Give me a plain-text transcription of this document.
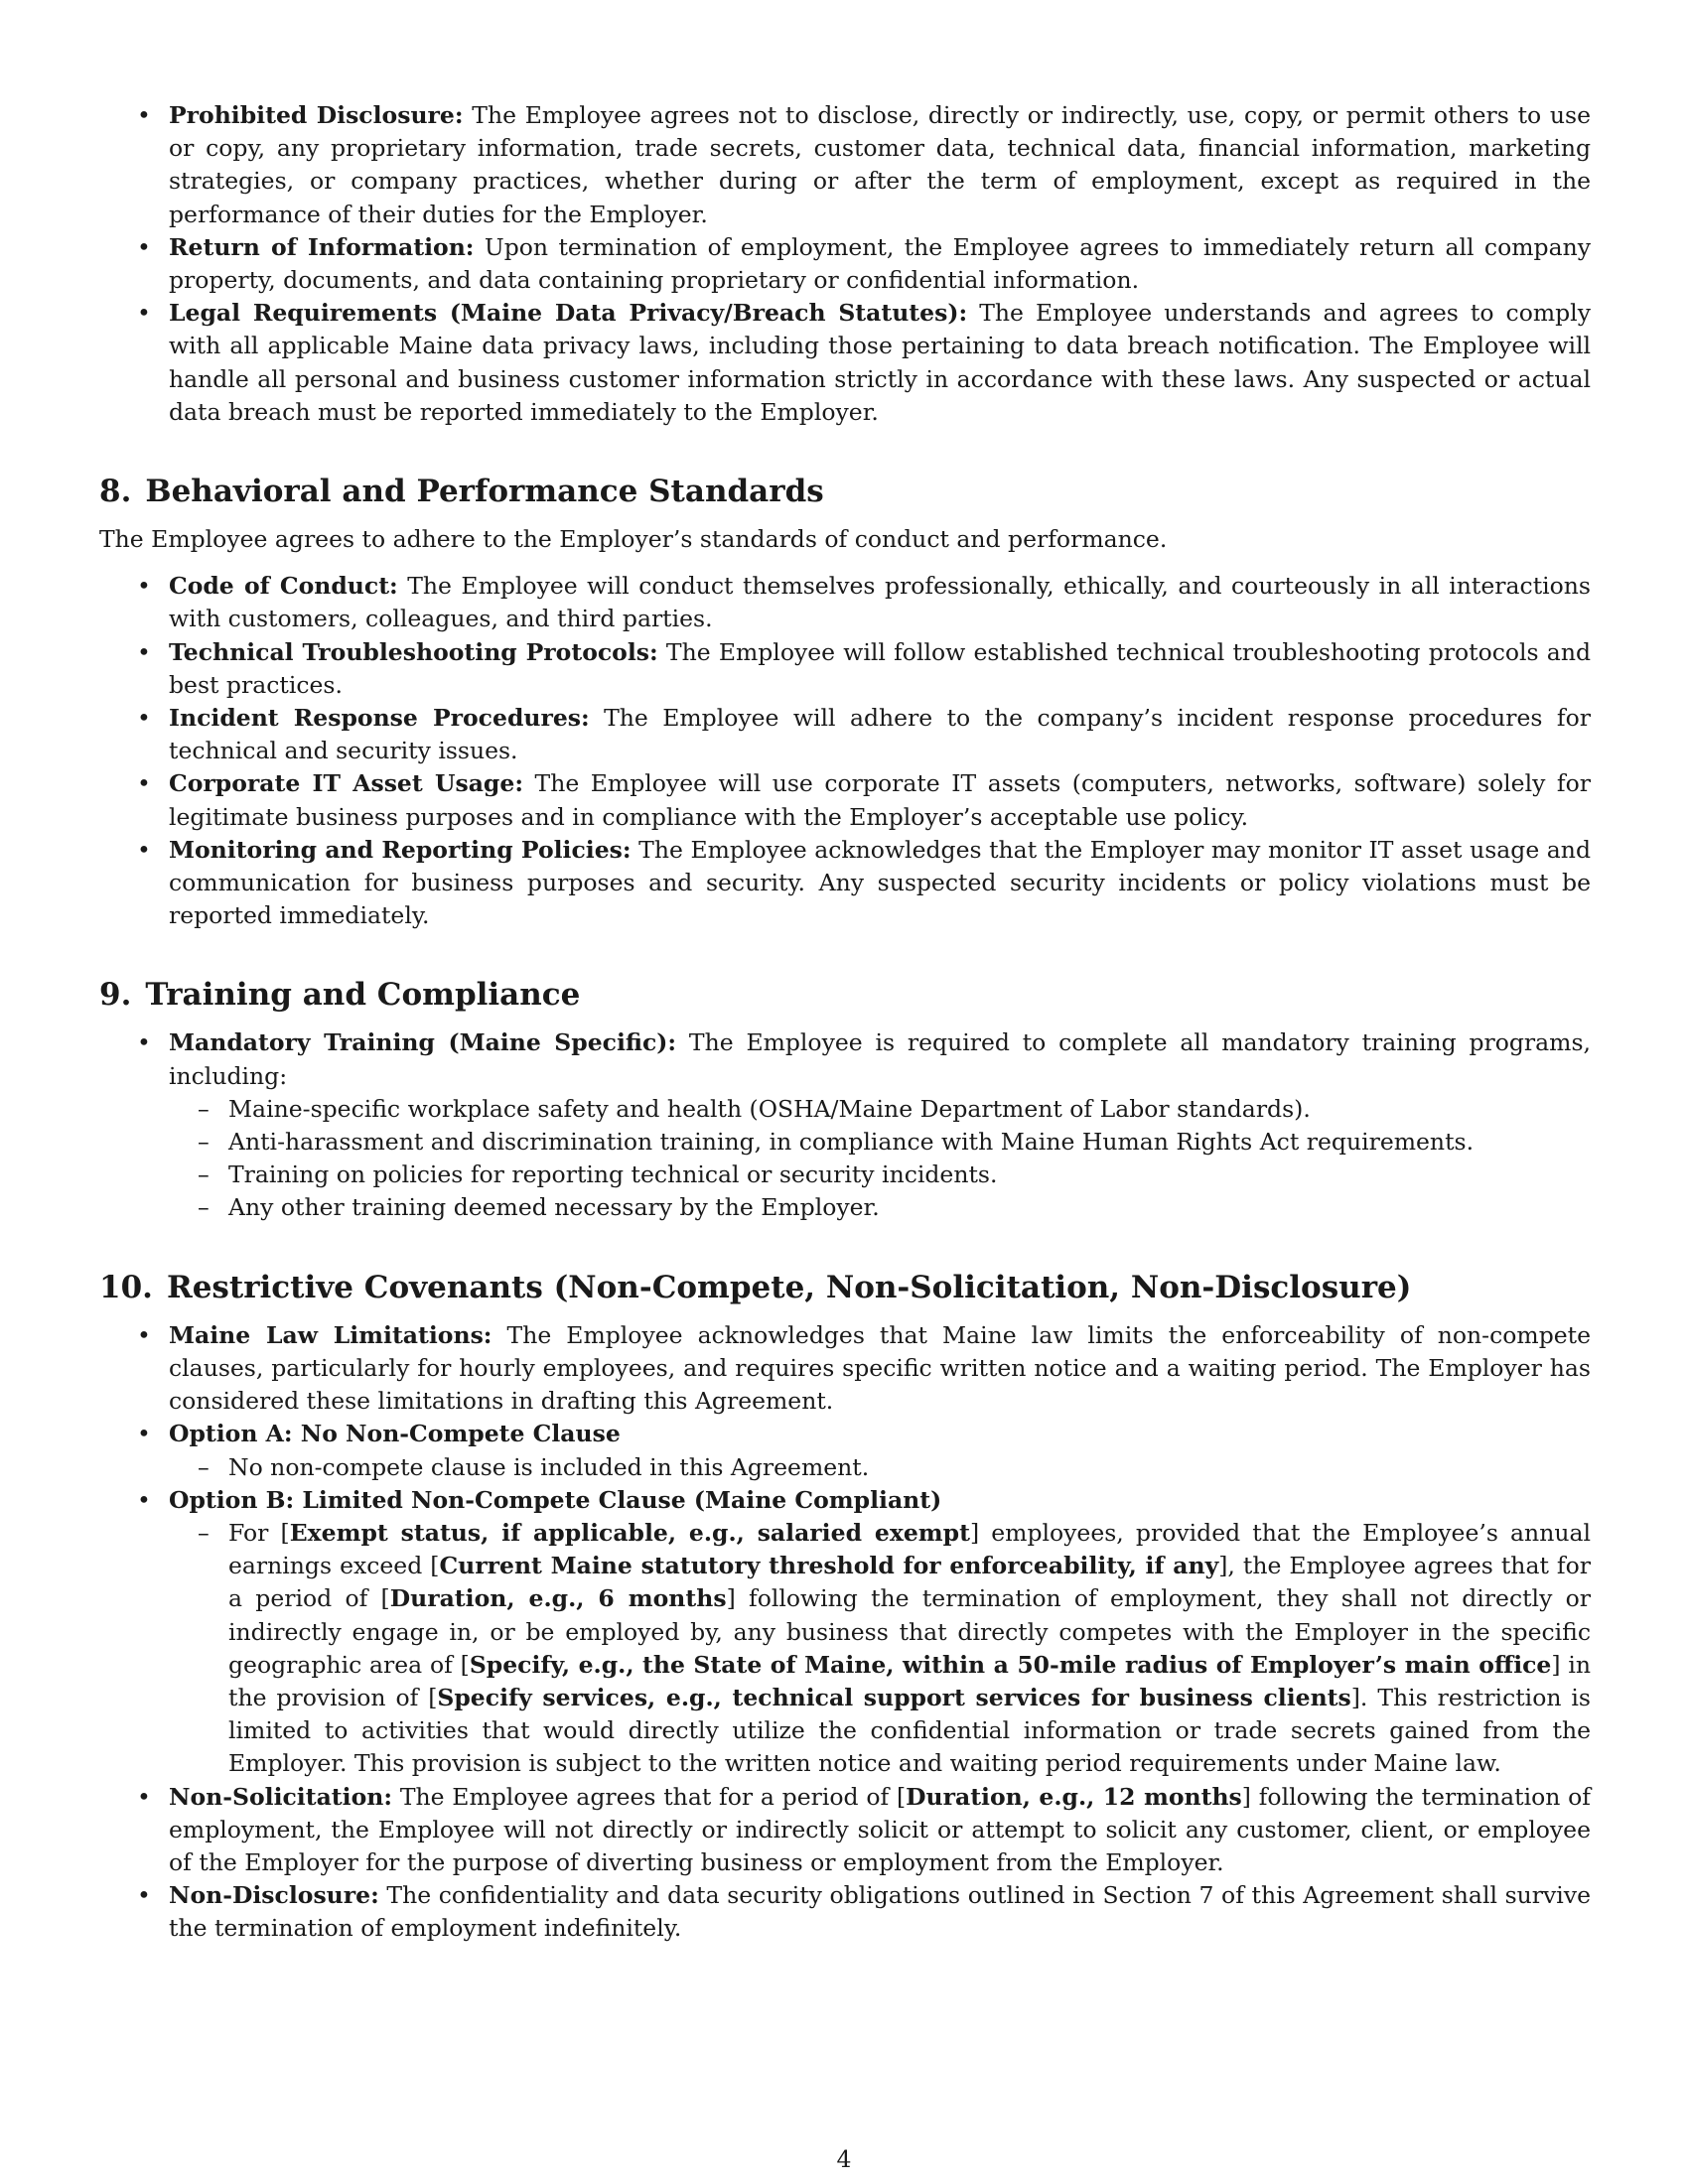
• Prohibited Disclosure: The Employee agrees not to disclose, directly or indirectly, use, copy, or permit others to use or copy, any proprietary information, trade secrets, customer data, technical data, financial information, marketing strategies, or company practices, whether during or after the term of employment, except as required in the performance of their duties for the Employer.
• Return of Information: Upon termination of employment, the Employee agrees to immediately return all company property, documents, and data containing proprietary or confidential information.
• Legal Requirements (Maine Data Privacy/Breach Statutes): The Employee understands and agrees to comply with all applicable Maine data privacy laws, including those pertaining to data breach notification. The Employee will handle all personal and business customer information strictly in accordance with these laws. Any suspected or actual data breach must be reported immediately to the Employer.
8. Behavioral and Performance Standards

The Employee agrees to adhere to the Employer’s standards of conduct and performance.

• Code of Conduct: The Employee will conduct themselves professionally, ethically, and courteously in all interactions with customers, colleagues, and third parties.
• Technical Troubleshooting Protocols: The Employee will follow established technical troubleshooting protocols and best practices.
• Incident Response Procedures: The Employee will adhere to the company’s incident response procedures for technical and security issues.
• Corporate IT Asset Usage: The Employee will use corporate IT assets (computers, networks, software) solely for legitimate business purposes and in compliance with the Employer’s acceptable use policy.
• Monitoring and Reporting Policies: The Employee acknowledges that the Employer may monitor IT asset usage and communication for business purposes and security. Any suspected security incidents or policy violations must be reported immediately.
9. Training and Compliance
• Mandatory Training (Maine Specific): The Employee is required to complete all mandatory training programs, including:
– Maine-specific workplace safety and health (OSHA/Maine Department of Labor standards).
– Anti-harassment and discrimination training, in compliance with Maine Human Rights Act requirements.
– Training on policies for reporting technical or security incidents.
– Any other training deemed necessary by the Employer.
10. Restrictive Covenants (Non-Compete, Non-Solicitation, Non-Disclosure)
• Maine Law Limitations: The Employee acknowledges that Maine law limits the enforceability of non-compete clauses, particularly for hourly employees, and requires specific written notice and a waiting period. The Employer has considered these limitations in drafting this Agreement.
• Option A: No Non-Compete Clause
– No non-compete clause is included in this Agreement.
• Option B: Limited Non-Compete Clause (Maine Compliant)
– For [Exempt status, if applicable, e.g., salaried exempt] employees, provided that the Employee’s annual earnings exceed [Current Maine statutory threshold for enforceability, if any], the Employee agrees that for a period of [Duration, e.g., 6 months] following the termination of employment, they shall not directly or indirectly engage in, or be employed by, any business that directly competes with the Employer in the specific geographic area of [Specify, e.g., the State of Maine, within a 50-mile radius of Employer’s main office] in the provision of [Specify services, e.g., technical support services for business clients]. This restriction is limited to activities that would directly utilize the confidential information or trade secrets gained from the Employer. This provision is subject to the written notice and waiting period requirements under Maine law.
• Non-Solicitation: The Employee agrees that for a period of [Duration, e.g., 12 months] following the termination of employment, the Employee will not directly or indirectly solicit or attempt to solicit any customer, client, or employee of the Employer for the purpose of diverting business or employment from the Employer.
• Non-Disclosure: The confidentiality and data security obligations outlined in Section 7 of this Agreement shall survive the termination of employment indefinitely.
4
